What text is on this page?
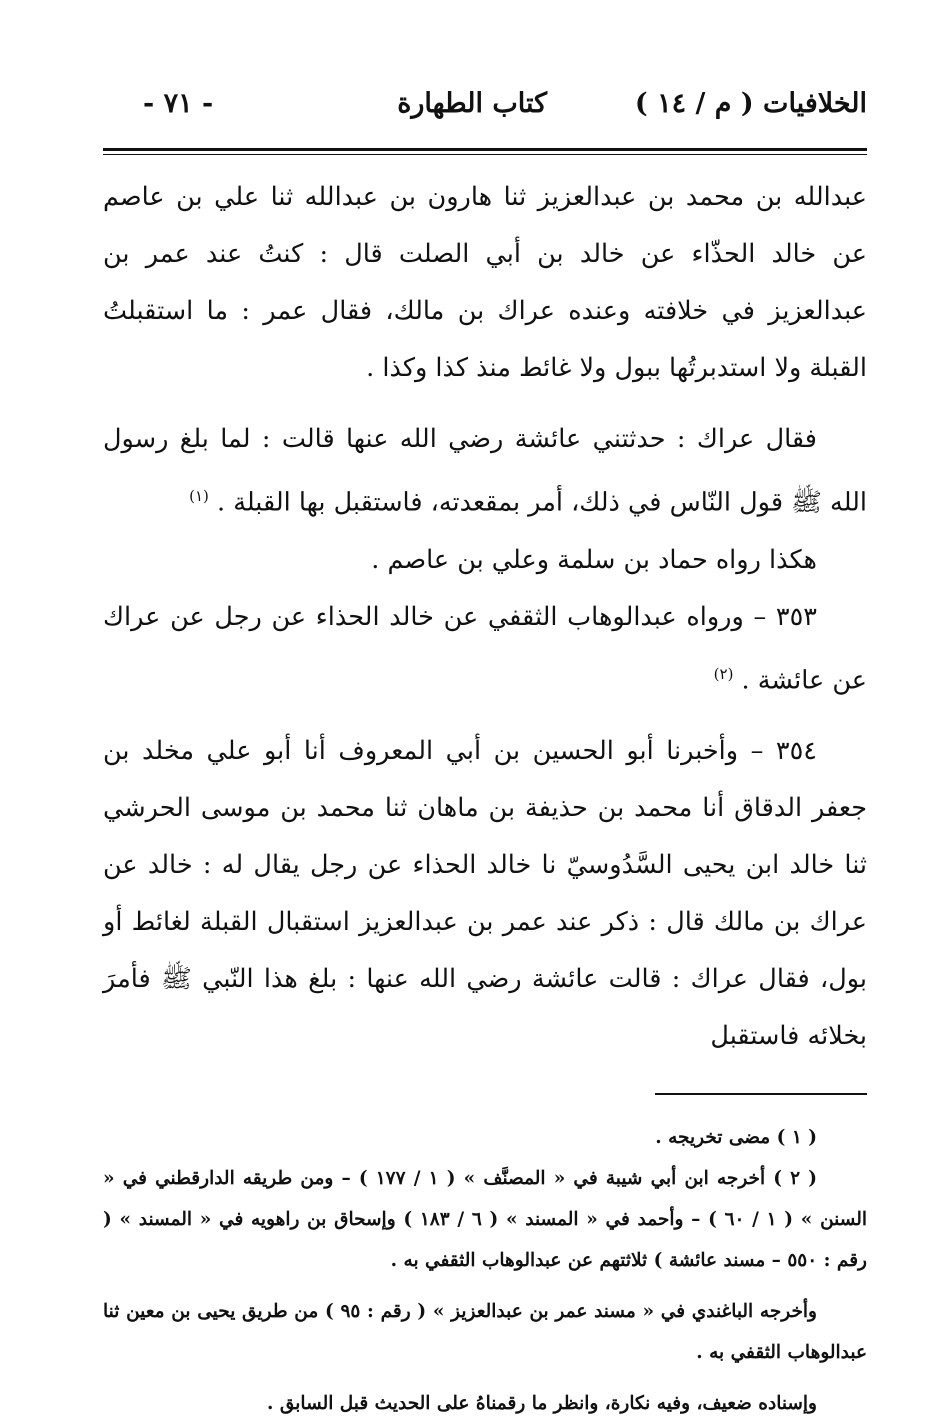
الخلافيات ( م / ١٤ )
كتاب الطهارة
- ٧١ -

عبدالله بن محمد بن عبدالعزيز ثنا هارون بن عبدالله ثنا علي بن عاصم عن خالد الحذّاء عن خالد بن أبي الصلت قال : كنتُ عند عمر بن عبدالعزيز في خلافته وعنده عراك بن مالك، فقال عمر : ما استقبلتُ القبلة ولا استدبرتُها ببول ولا غائط منذ كذا وكذا .

فقال عراك : حدثتني عائشة رضي الله عنها قالت : لما بلغ رسول الله ﷺ قول النّاس في ذلك، أمر بمقعدته، فاستقبل بها القبلة . $^{(١)}$

هكذا رواه حماد بن سلمة وعلي بن عاصم .

٣٥٣ – ورواه عبدالوهاب الثقفي عن خالد الحذاء عن رجل عن عراك عن عائشة . $^{(٢)}$

٣٥٤ – وأخبرنا أبو الحسين بن أبي المعروف أنا أبو علي مخلد بن جعفر الدقاق أنا محمد بن حذيفة بن ماهان ثنا محمد بن موسى الحرشي ثنا خالد ابن يحيى السَّدُوسيّ نا خالد الحذاء عن رجل يقال له : خالد عن عراك بن مالك قال : ذكر عند عمر بن عبدالعزيز استقبال القبلة لغائط أو بول، فقال عراك : قالت عائشة رضي الله عنها : بلغ هذا النّبي ﷺ فأمرَ بخلائه فاستقبل

( ١ ) مضى تخريجه .

( ٢ ) أخرجه ابن أبي شيبة في « المصنَّف » ( ١ / ١٧٧ ) – ومن طريقه الدارقطني في « السنن » ( ١ / ٦٠ ) – وأحمد في « المسند » ( ٦ / ١٨٣ ) وإسحاق بن راهويه في « المسند » ( رقم : ٥٥٠ – مسند عائشة ) ثلاثتهم عن عبدالوهاب الثقفي به .

وأخرجه الباغندي في « مسند عمر بن عبدالعزيز » ( رقم : ٩٥ ) من طريق يحيى بن معين ثنا عبدالوهاب الثقفي به .

وإسناده ضعيف، وفيه نكارة، وانظر ما رقمناهُ على الحديث قبل السابق .
